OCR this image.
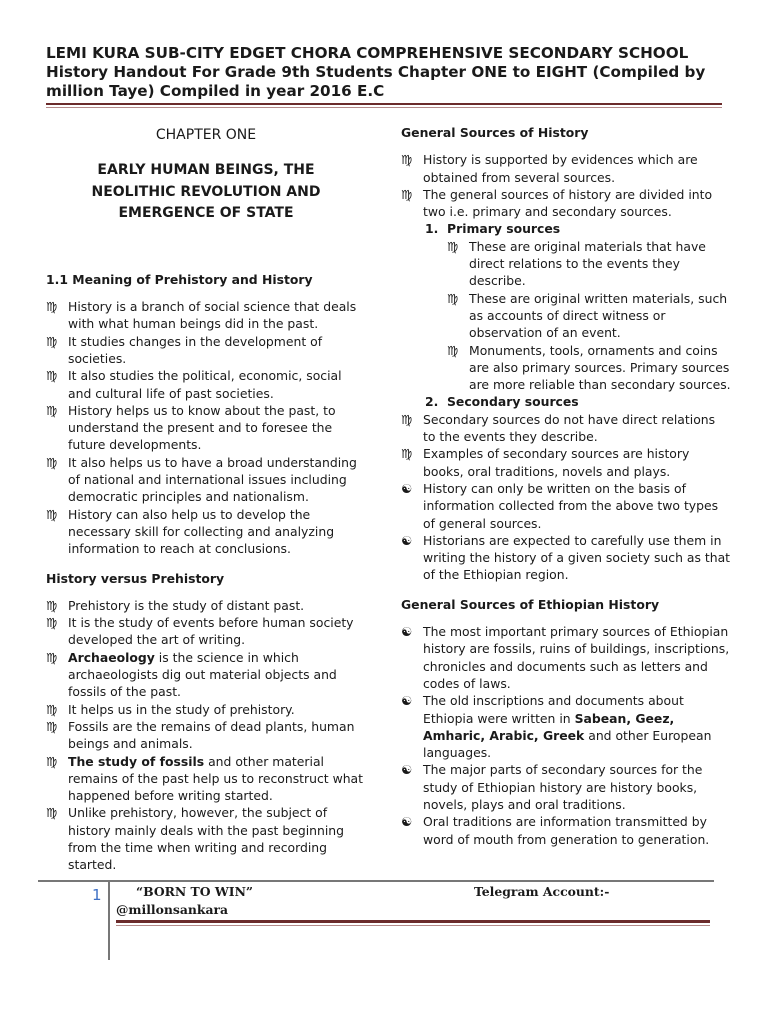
LEMI KURA SUB-CITY EDGET CHORA COMPREHENSIVE SECONDARY SCHOOL
History Handout For Grade 9th Students Chapter ONE to EIGHT (Compiled by
million Taye) Compiled in year 2016 E.C
CHAPTER ONE
EARLY HUMAN BEINGS, THE NEOLITHIC REVOLUTION AND EMERGENCE OF STATE
1.1 Meaning of Prehistory and History
♍ History is a branch of social science that deals with what human beings did in the past.
♍ It studies changes in the development of societies.
♍ It also studies the political, economic, social and cultural life of past societies.
♍ History helps us to know about the past, to understand the present and to foresee the future developments.
♍ It also helps us to have a broad understanding of national and international issues including democratic principles and nationalism.
♍ History can also help us to develop the necessary skill for collecting and analyzing information to reach at conclusions.
History versus Prehistory
♍ Prehistory is the study of distant past.
♍ It is the study of events before human society developed the art of writing.
♍ Archaeology is the science in which archaeologists dig out material objects and fossils of the past.
♍ It helps us in the study of prehistory.
♍ Fossils are the remains of dead plants, human beings and animals.
♍ The study of fossils and other material remains of the past help us to reconstruct what happened before writing started.
♍ Unlike prehistory, however, the subject of history mainly deals with the past beginning from the time when writing and recording started.
General Sources of History
♍ History is supported by evidences which are obtained from several sources.
♍ The general sources of history are divided into two i.e. primary and secondary sources.
1. Primary sources
♍ These are original materials that have direct relations to the events they describe.
♍ These are original written materials, such as accounts of direct witness or observation of an event.
♍ Monuments, tools, ornaments and coins are also primary sources. Primary sources are more reliable than secondary sources.
2. Secondary sources
♍ Secondary sources do not have direct relations to the events they describe.
♍ Examples of secondary sources are history books, oral traditions, novels and plays.
☯ History can only be written on the basis of information collected from the above two types of general sources.
☯ Historians are expected to carefully use them in writing the history of a given society such as that of the Ethiopian region.
General Sources of Ethiopian History
☯ The most important primary sources of Ethiopian history are fossils, ruins of buildings, inscriptions, chronicles and documents such as letters and codes of laws.
☯ The old inscriptions and documents about Ethiopia were written in Sabean, Geez, Amharic, Arabic, Greek and other European languages.
☯ The major parts of secondary sources for the study of Ethiopian history are history books, novels, plays and oral traditions.
☯ Oral traditions are information transmitted by word of mouth from generation to generation.
1	“BORN TO WIN”	Telegram Account:-
@millonsankara
